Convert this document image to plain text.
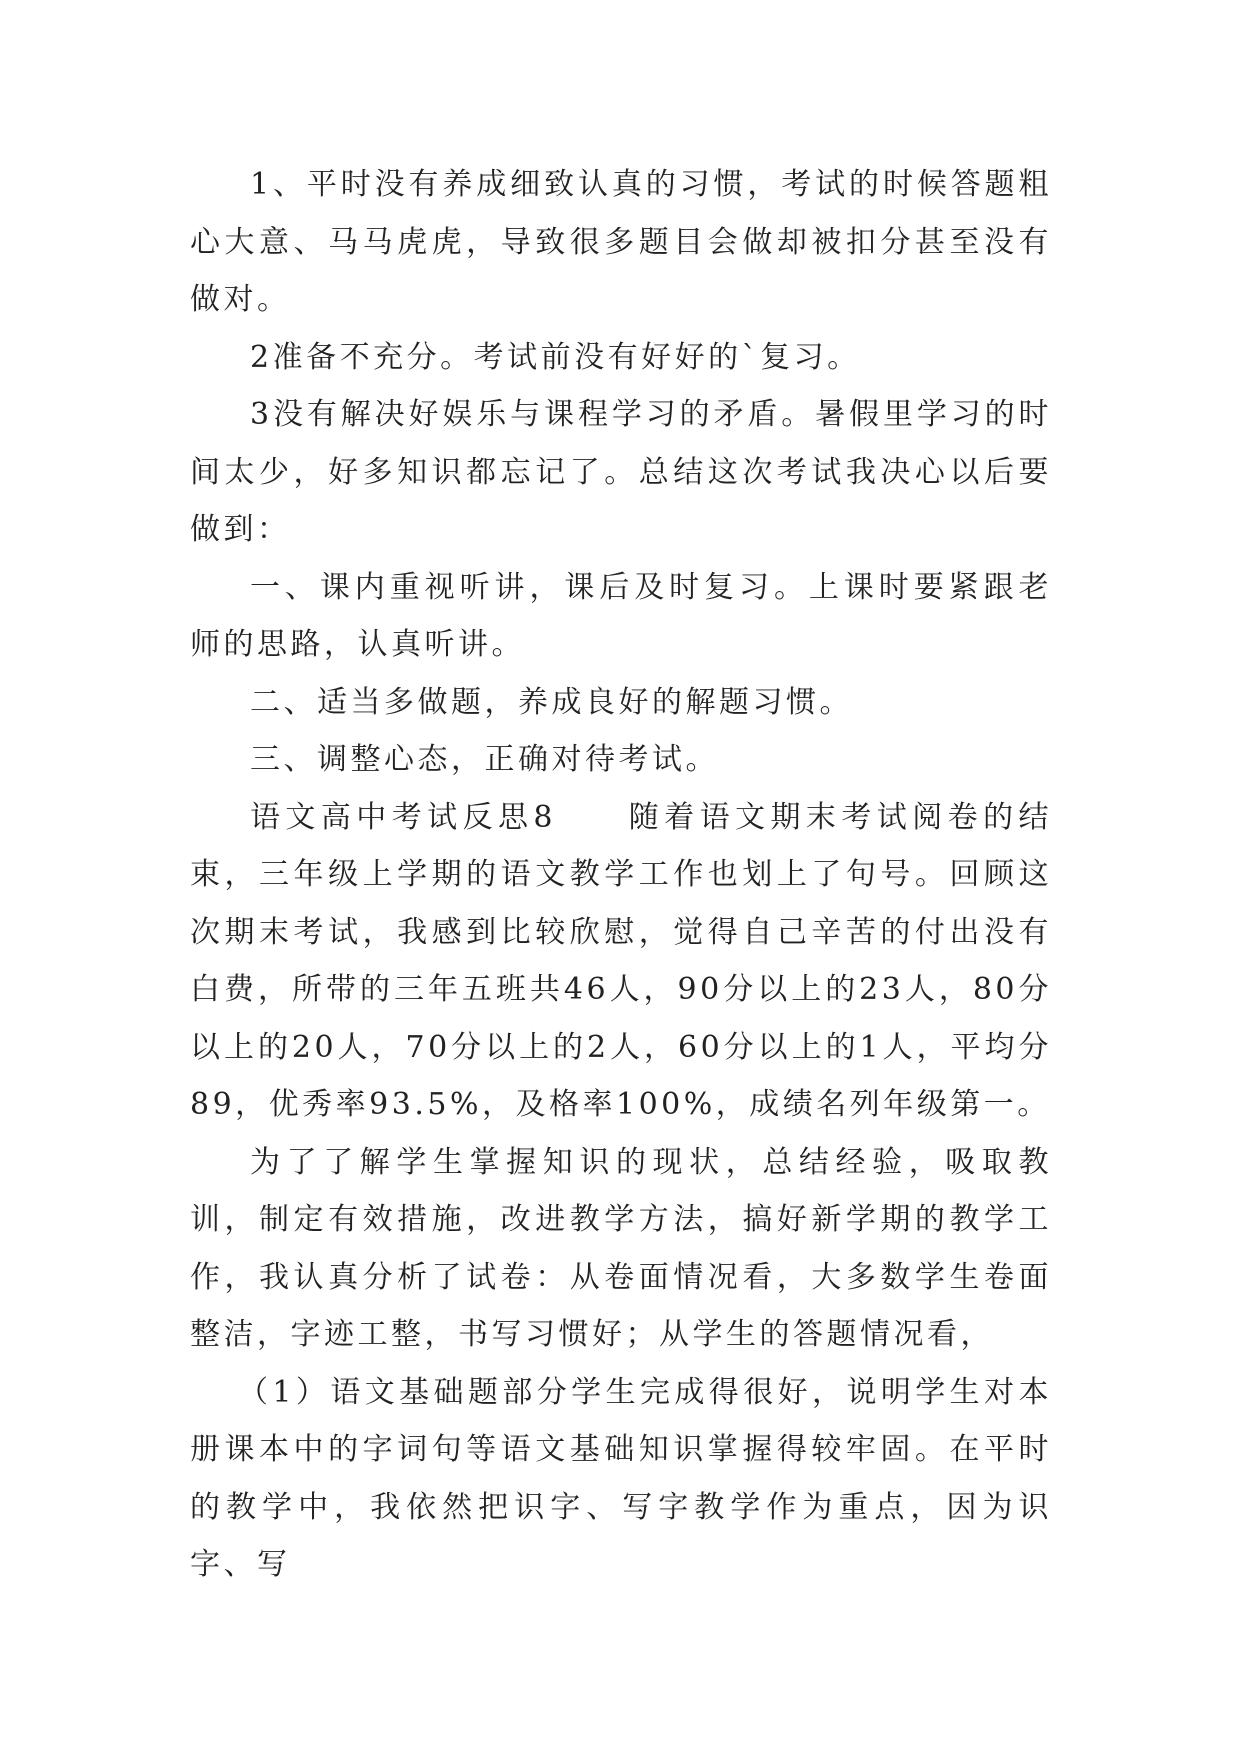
1、平时没有养成细致认真的习惯，考试的时候答题粗心大意、马马虎虎，导致很多题目会做却被扣分甚至没有做对。

2准备不充分。考试前没有好好的`复习。

3没有解决好娱乐与课程学习的矛盾。暑假里学习的时间太少，好多知识都忘记了。总结这次考试我决心以后要做到：

一、课内重视听讲，课后及时复习。上课时要紧跟老师的思路，认真听讲。

二、适当多做题，养成良好的解题习惯。

三、调整心态，正确对待考试。

语文高中考试反思8　　随着语文期末考试阅卷的结束，三年级上学期的语文教学工作也划上了句号。回顾这次期末考试，我感到比较欣慰，觉得自己辛苦的付出没有白费，所带的三年五班共46人，90分以上的23人，80分以上的20人，70分以上的2人，60分以上的1人，平均分89，优秀率93.5%，及格率100%，成绩名列年级第一。

为了了解学生掌握知识的现状，总结经验，吸取教训，制定有效措施，改进教学方法，搞好新学期的教学工作，我认真分析了试卷：从卷面情况看，大多数学生卷面整洁，字迹工整，书写习惯好；从学生的答题情况看，

（1）语文基础题部分学生完成得很好，说明学生对本册课本中的字词句等语文基础知识掌握得较牢固。在平时的教学中，我依然把识字、写字教学作为重点，因为识字、写
